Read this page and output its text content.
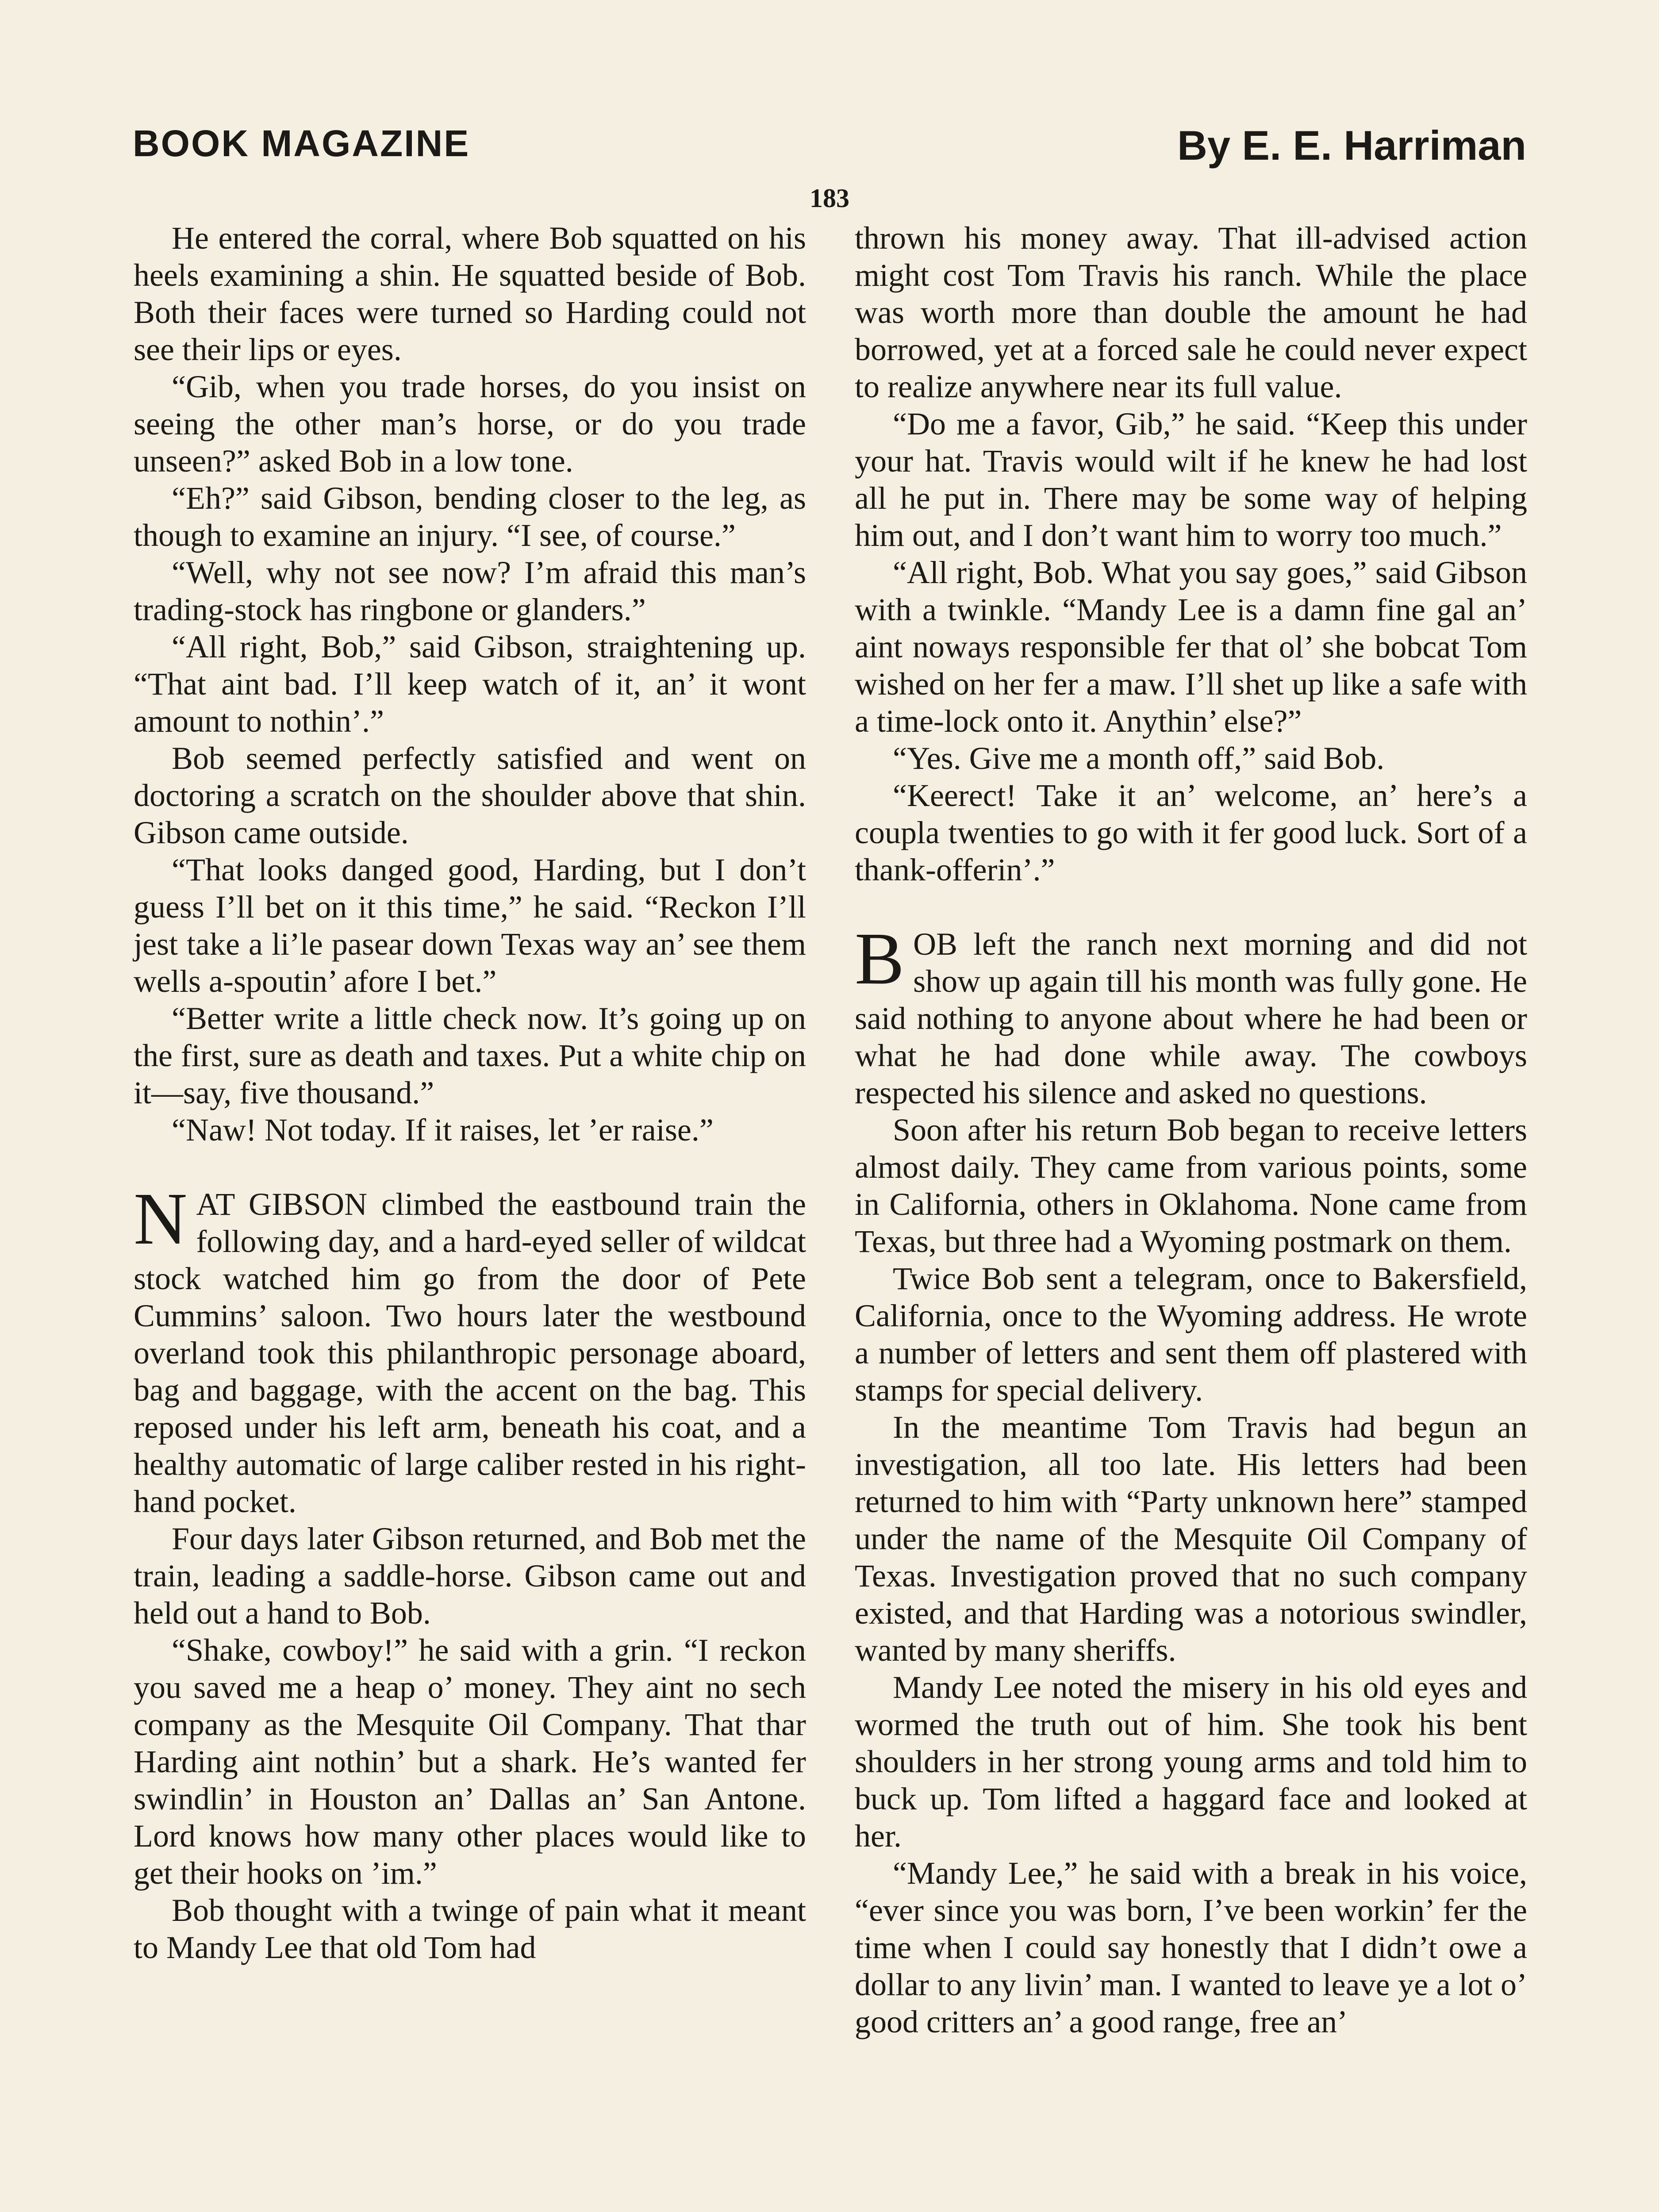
BOOK MAGAZINE	By E. E. Harriman
183

He entered the corral, where Bob squatted on his heels examining a shin. He squatted beside of Bob. Both their faces were turned so Harding could not see their lips or eyes.

“Gib, when you trade horses, do you insist on seeing the other man’s horse, or do you trade unseen?” asked Bob in a low tone.

“Eh?” said Gibson, bending closer to the leg, as though to examine an injury. “I see, of course.”

“Well, why not see now? I’m afraid this man’s trading-stock has ringbone or glanders.”

“All right, Bob,” said Gibson, straightening up. “That aint bad. I’ll keep watch of it, an’ it wont amount to nothin’.”

Bob seemed perfectly satisfied and went on doctoring a scratch on the shoulder above that shin. Gibson came outside.

“That looks danged good, Harding, but I don’t guess I’ll bet on it this time,” he said. “Reckon I’ll jest take a li’le pasear down Texas way an’ see them wells a-spoutin’ afore I bet.”

“Better write a little check now. It’s going up on the first, sure as death and taxes. Put a white chip on it—say, five thousand.”

“Naw! Not today. If it raises, let ’er raise.”

NAT GIBSON climbed the eastbound train the following day, and a hard-eyed seller of wildcat stock watched him go from the door of Pete Cummins’ saloon. Two hours later the westbound overland took this philanthropic personage aboard, bag and baggage, with the accent on the bag. This reposed under his left arm, beneath his coat, and a healthy automatic of large caliber rested in his right-hand pocket.

Four days later Gibson returned, and Bob met the train, leading a saddle-horse. Gibson came out and held out a hand to Bob.

“Shake, cowboy!” he said with a grin. “I reckon you saved me a heap o’ money. They aint no sech company as the Mesquite Oil Company. That thar Harding aint nothin’ but a shark. He’s wanted fer swindlin’ in Houston an’ Dallas an’ San Antone. Lord knows how many other places would like to get their hooks on ’im.”

Bob thought with a twinge of pain what it meant to Mandy Lee that old Tom had

thrown his money away. That ill-advised action might cost Tom Travis his ranch. While the place was worth more than double the amount he had borrowed, yet at a forced sale he could never expect to realize anywhere near its full value.

“Do me a favor, Gib,” he said. “Keep this under your hat. Travis would wilt if he knew he had lost all he put in. There may be some way of helping him out, and I don’t want him to worry too much.”

“All right, Bob. What you say goes,” said Gibson with a twinkle. “Mandy Lee is a damn fine gal an’ aint noways responsible fer that ol’ she bobcat Tom wished on her fer a maw. I’ll shet up like a safe with a time-lock onto it. Anythin’ else?”

“Yes. Give me a month off,” said Bob.

“Keerect! Take it an’ welcome, an’ here’s a coupla twenties to go with it fer good luck. Sort of a thank-offerin’.”

BOB left the ranch next morning and did not show up again till his month was fully gone. He said nothing to anyone about where he had been or what he had done while away. The cowboys respected his silence and asked no questions.

Soon after his return Bob began to receive letters almost daily. They came from various points, some in California, others in Oklahoma. None came from Texas, but three had a Wyoming postmark on them.

Twice Bob sent a telegram, once to Bakersfield, California, once to the Wyoming address. He wrote a number of letters and sent them off plastered with stamps for special delivery.

In the meantime Tom Travis had begun an investigation, all too late. His letters had been returned to him with “Party unknown here” stamped under the name of the Mesquite Oil Company of Texas. Investigation proved that no such company existed, and that Harding was a notorious swindler, wanted by many sheriffs.

Mandy Lee noted the misery in his old eyes and wormed the truth out of him. She took his bent shoulders in her strong young arms and told him to buck up. Tom lifted a haggard face and looked at her.

“Mandy Lee,” he said with a break in his voice, “ever since you was born, I’ve been workin’ fer the time when I could say honestly that I didn’t owe a dollar to any livin’ man. I wanted to leave ye a lot o’ good critters an’ a good range, free an’
